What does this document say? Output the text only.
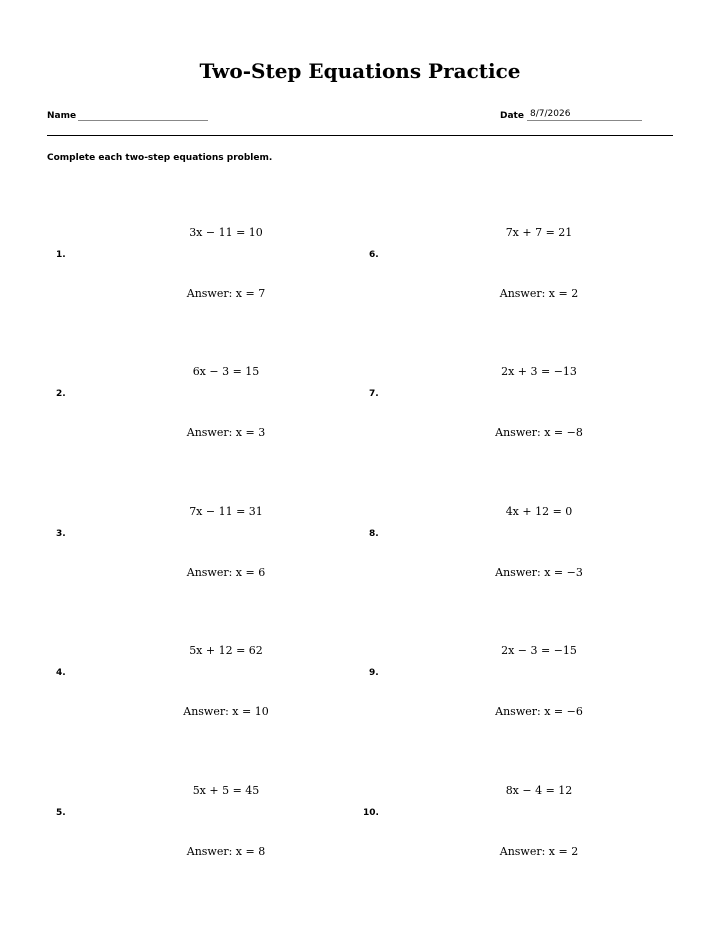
Two-Step Equations Practice
Name	Date 8/7/2026
Complete each two-step equations problem.
1.
3x − 11 = 10
Answer: x = 7
2.
6x − 3 = 15
Answer: x = 3
3.
7x − 11 = 31
Answer: x = 6
4.
5x + 12 = 62
Answer: x = 10
5.
5x + 5 = 45
Answer: x = 8
6.
7x + 7 = 21
Answer: x = 2
7.
2x + 3 = −13
Answer: x = −8
8.
4x + 12 = 0
Answer: x = −3
9.
2x − 3 = −15
Answer: x = −6
10.
8x − 4 = 12
Answer: x = 2
